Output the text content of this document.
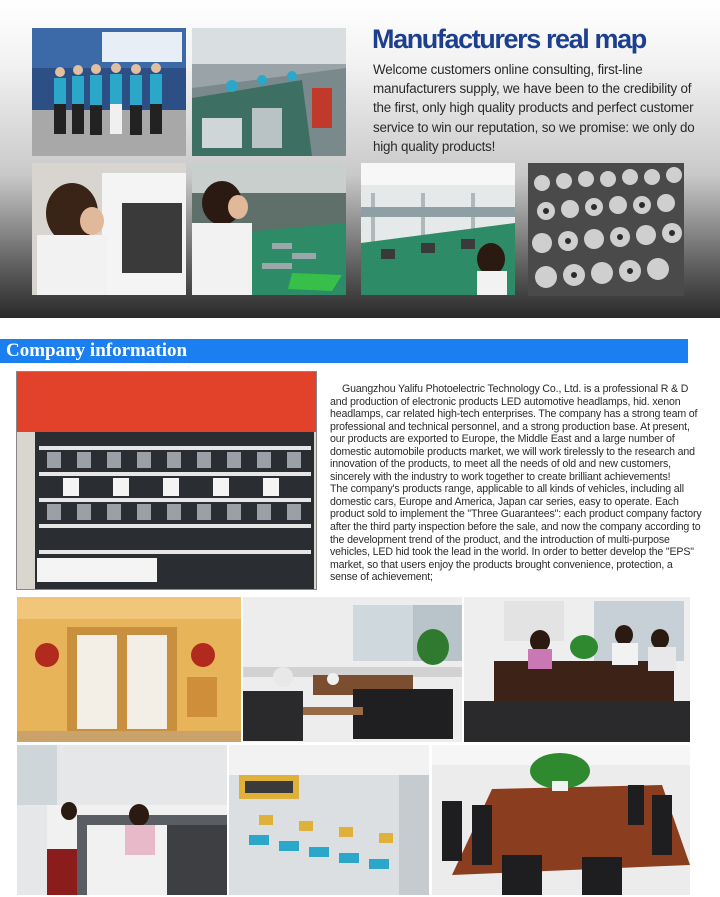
Manufacturers real map

Welcome customers online consulting, first-line manufacturers supply, we have been to the credibility of the first, only high quality products and perfect customer service to win our reputation, so we promise: we only do high quality products!

Company information

Guangzhou Yalifu Photoelectric Technology Co., Ltd. is a professional R & D and production of electronic products LED automotive headlamps, hid. xenon headlamps, car related high-tech enterprises. The company has a strong team of professional and technical personnel, and a strong production base. At present, our products are exported to Europe, the Middle East and a large number of domestic automobile products market, we will work tirelessly to the research and innovation of the products, to meet all the needs of old and new customers, sincerely with the industry to work together to create brilliant achievements!

The company's products range, applicable to all kinds of vehicles, including all domestic cars, Europe and America, Japan car series, easy to operate. Each product sold to implement the "Three Guarantees": each product company factory after the third party inspection before the sale, and now the company according to the development trend of the product, and the introduction of multi-purpose vehicles, LED hid took the lead in the world. In order to better develop the "EPS" market, so that users enjoy the products brought convenience, protection, a sense of achievement;
